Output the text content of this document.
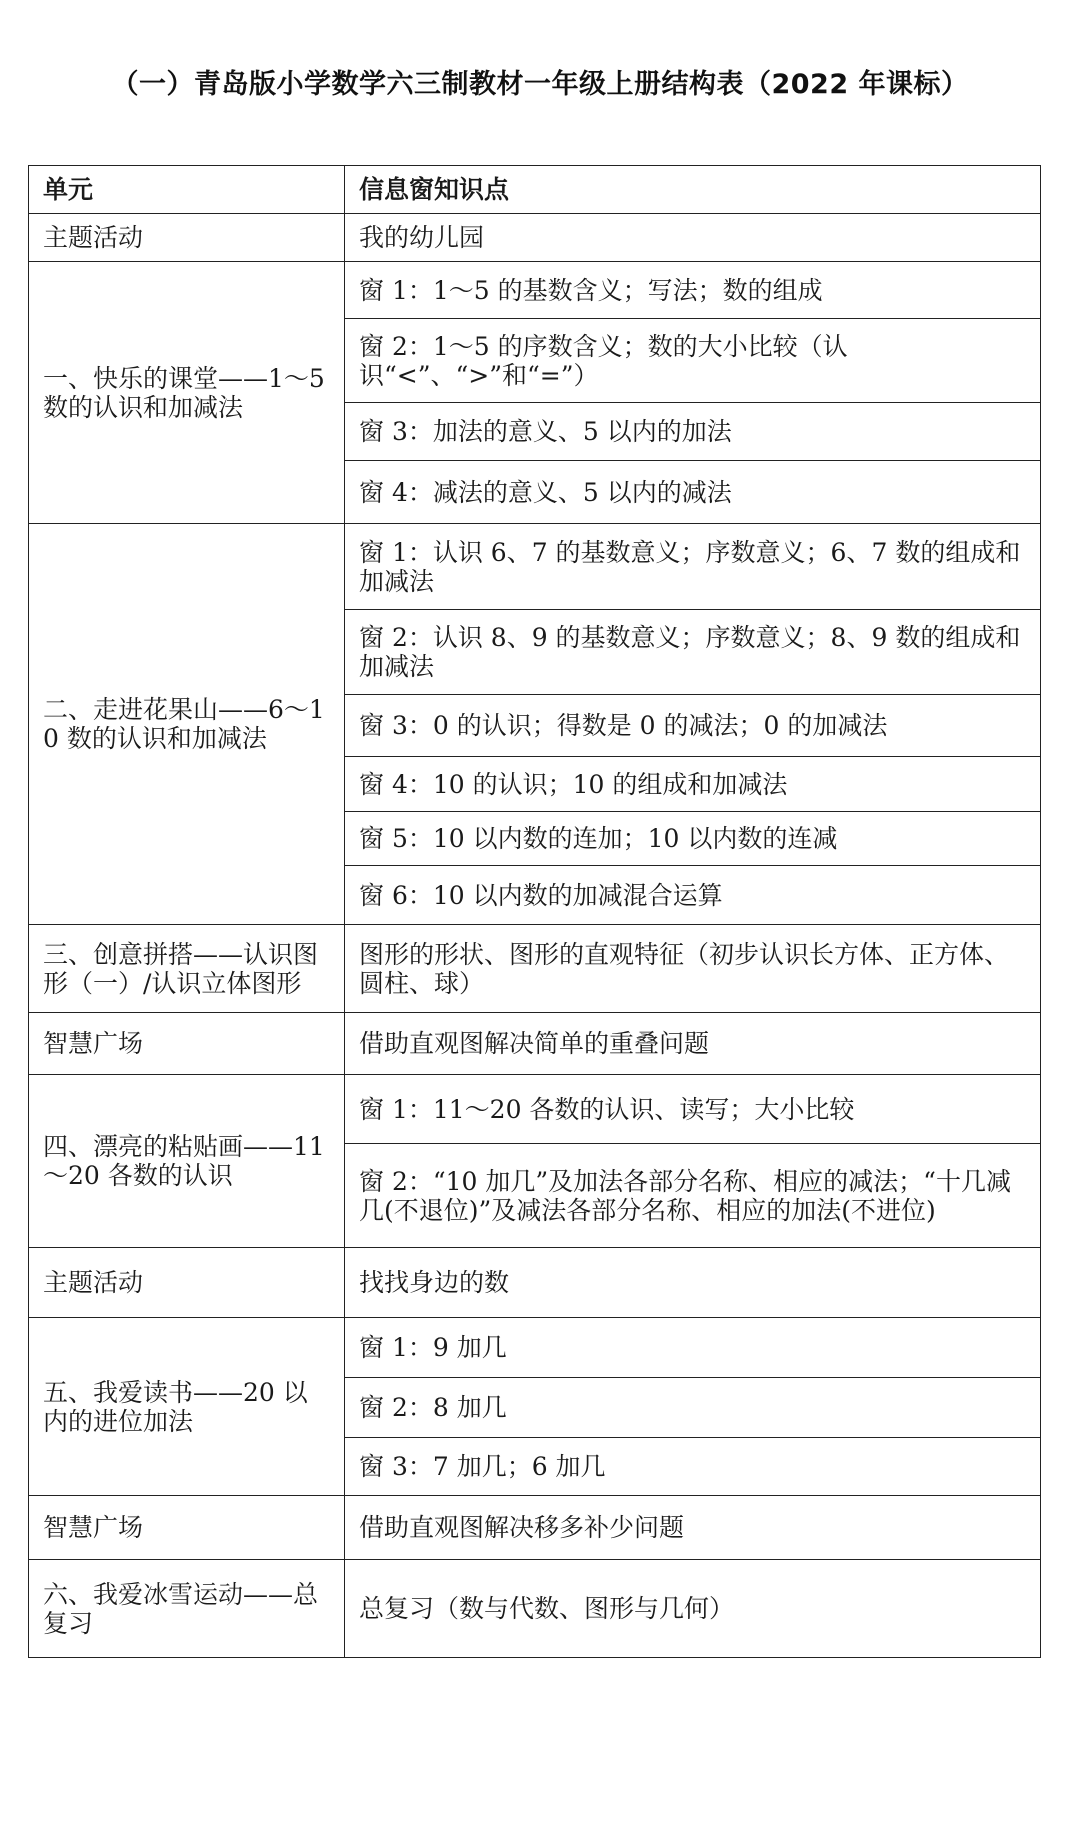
（一）青岛版小学数学六三制教材一年级上册结构表（2022 年课标）
单元	信息窗知识点
主题活动	我的幼儿园
一、快乐的课堂——1～5 数的认识和加减法	窗 1：1～5 的基数含义；写法；数的组成
	窗 2：1～5 的序数含义；数的大小比较（认识“<”、“>”和“=”）
	窗 3：加法的意义、5 以内的加法
	窗 4：减法的意义、5 以内的减法
二、走进花果山——6～10 数的认识和加减法	窗 1：认识 6、7 的基数意义；序数意义；6、7 数的组成和加减法
	窗 2：认识 8、9 的基数意义；序数意义；8、9 数的组成和加减法
	窗 3：0 的认识；得数是 0 的减法；0 的加减法
	窗 4：10 的认识；10 的组成和加减法
	窗 5：10 以内数的连加；10 以内数的连减
	窗 6：10 以内数的加减混合运算
三、创意拼搭——认识图形（一）/认识立体图形	图形的形状、图形的直观特征（初步认识长方体、正方体、圆柱、球）
智慧广场	借助直观图解决简单的重叠问题
四、漂亮的粘贴画——11～20 各数的认识	窗 1：11～20 各数的认识、读写；大小比较
	窗 2：“10 加几”及加法各部分名称、相应的减法；“十几减几(不退位)”及减法各部分名称、相应的加法(不进位)
主题活动	找找身边的数
五、我爱读书——20 以内的进位加法	窗 1：9 加几
	窗 2：8 加几
	窗 3：7 加几；6 加几
智慧广场	借助直观图解决移多补少问题
六、我爱冰雪运动——总复习	总复习（数与代数、图形与几何）
